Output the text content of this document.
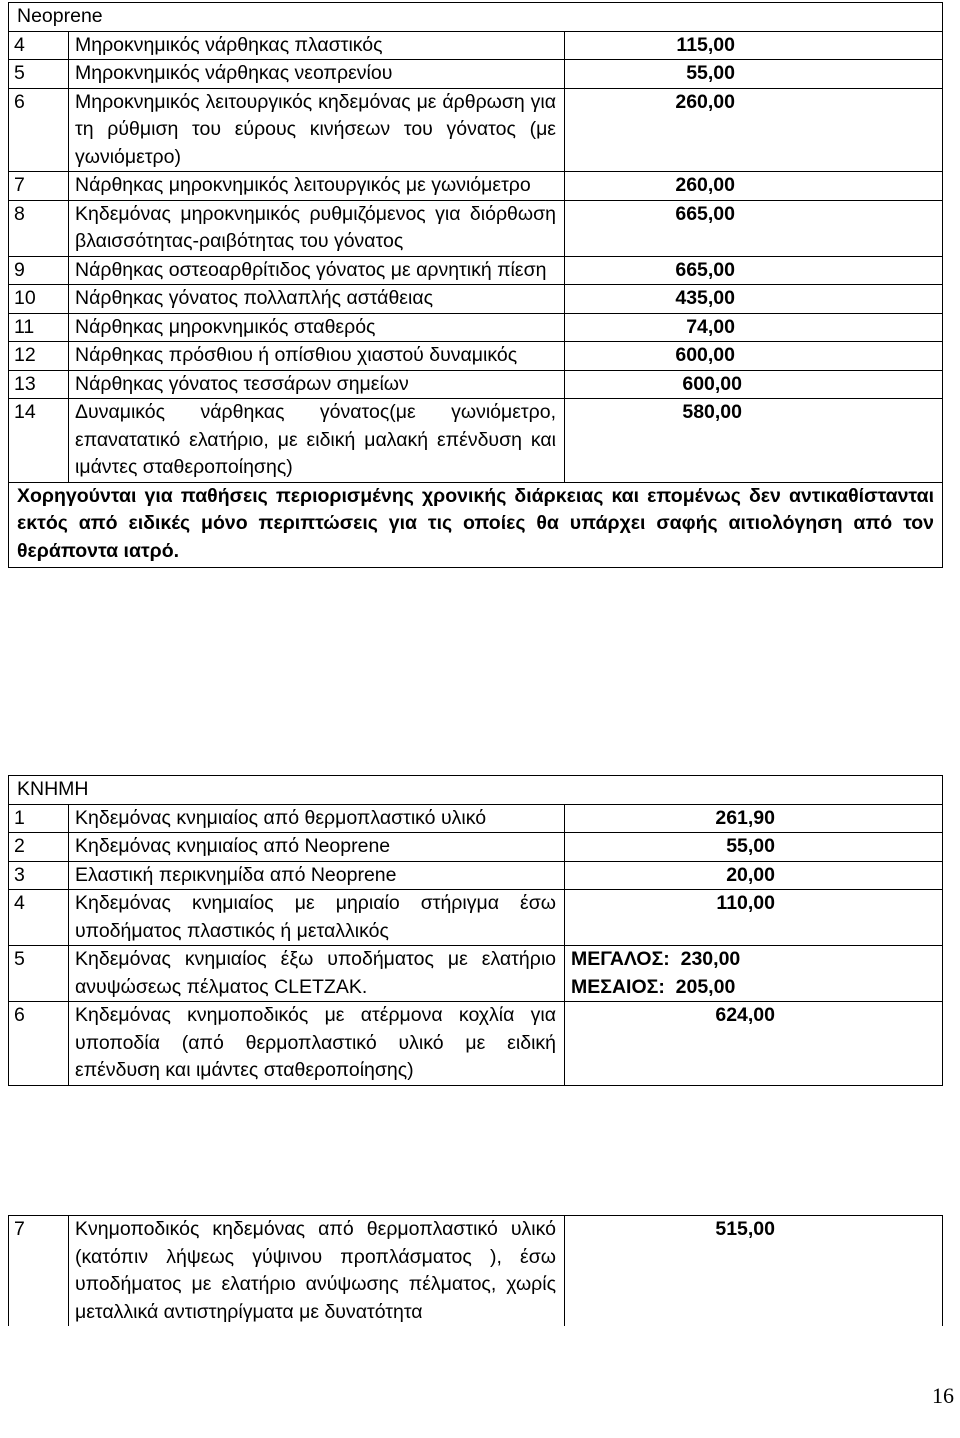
Neoprene		
4	Μηροκνημικός νάρθηκας πλαστικός	115,00
5	Μηροκνημικός νάρθηκας νεοπρενίου	55,00
6	Μηροκνημικός λειτουργικός κηδεμόνας με άρθρωση για τη ρύθμιση του εύρους κινήσεων του γόνατος (με γωνιόμετρο)	260,00
7	Νάρθηκας μηροκνημικός λειτουργικός με γωνιόμετρο	260,00
8	Κηδεμόνας μηροκνημικός ρυθμιζόμενος για διόρθωση βλαισσότητας-ραιβότητας του γόνατος	665,00
9	Νάρθηκας οστεοαρθρίτιδος γόνατος με αρνητική πίεση	665,00
10	Νάρθηκας γόνατος πολλαπλής αστάθειας	435,00
11	Νάρθηκας μηροκνημικός σταθερός	74,00
12	Νάρθηκας πρόσθιου ή οπίσθιου χιαστού δυναμικός	600,00
13	Νάρθηκας γόνατος τεσσάρων σημείων	600,00
14	Δυναμικός νάρθηκας γόνατος(με γωνιόμετρο, επανατατικό ελατήριο, με ειδική μαλακή επένδυση και ιμάντες σταθεροποίησης)	580,00
Χορηγούνται για παθήσεις περιορισμένης χρονικής διάρκειας και επομένως δεν αντικαθίστανται εκτός από ειδικές μόνο περιπτώσεις για τις οποίες θα υπάρχει σαφής αιτιολόγηση από τον θεράποντα ιατρό.		
ΚΝΗΜΗ		
1	Κηδεμόνας κνημιαίος από θερμοπλαστικό υλικό	261,90
2	Κηδεμόνας κνημιαίος από Neoprene	55,00
3	Ελαστική περικνημίδα από Neoprene	20,00
4	Κηδεμόνας κνημιαίος με μηριαίο στήριγμα έσω υποδήματος πλαστικός ή μεταλλικός	110,00
5	Κηδεμόνας κνημιαίος έξω υποδήματος με ελατήριο ανυψώσεως πέλματος CLETZAK.	ΜΕΓΑΛΟΣ:  230,00
ΜΕΣΑΙΟΣ:  205,00

6	Κηδεμόνας κνημοποδικός με ατέρμονα κοχλία για υποποδία (από θερμοπλαστικό υλικό με ειδική επένδυση και ιμάντες σταθεροποίησης)	624,00
7	Κνημοποδικός κηδεμόνας από θερμοπλαστικό υλικό (κατόπιν λήψεως γύψινου προπλάσματος ), έσω υποδήματος με ελατήριο ανύψωσης πέλματος, χωρίς μεταλλικά αντιστηρίγματα με δυνατότητα	515,00
16
